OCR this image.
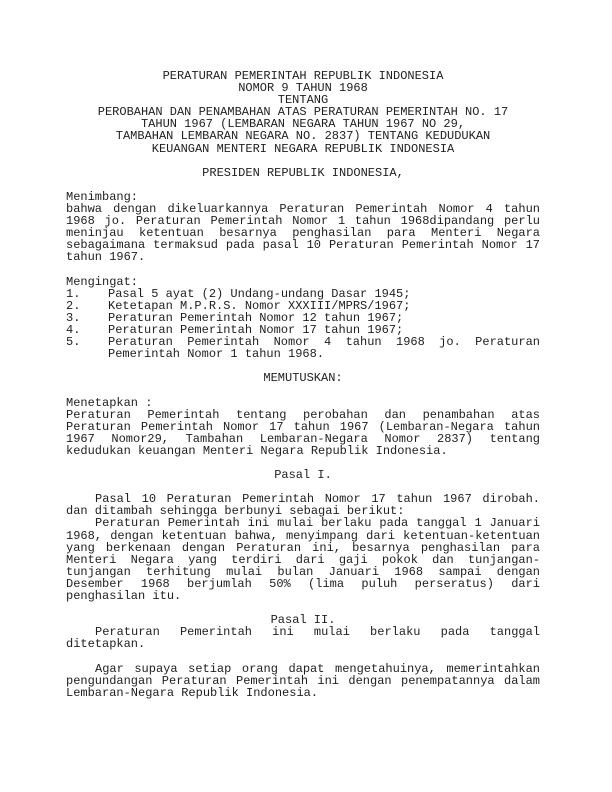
PERATURAN PEMERINTAH REPUBLIK INDONESIA
NOMOR 9 TAHUN 1968
TENTANG
PEROBAHAN DAN PENAMBAHAN ATAS PERATURAN PEMERINTAH NO. 17
TAHUN 1967 (LEMBARAN NEGARA TAHUN 1967 NO 29,
TAMBAHAN LEMBARAN NEGARA NO. 2837) TENTANG KEDUDUKAN
KEUANGAN MENTERI NEGARA REPUBLIK INDONESIA
PRESIDEN REPUBLIK INDONESIA,
Menimbang:
bahwa dengan dikeluarkannya Peraturan Pemerintah Nomor 4 tahun
1968 jo. Peraturan Pemerintah Nomor 1 tahun 1968dipandang perlu
meninjau ketentuan besarnya penghasilan para Menteri Negara
sebagaimana termaksud pada pasal 10 Peraturan Pemerintah Nomor 17
tahun 1967.
Mengingat:
1.	Pasal 5 ayat (2) Undang-undang Dasar 1945;
2.	Ketetapan M.P.R.S. Nomor XXXIII/MPRS/1967;
3.	Peraturan Pemerintah Nomor 12 tahun 1967;
4.	Peraturan Pemerintah Nomor 17 tahun 1967;
5.	Peraturan Pemerintah Nomor 4 tahun 1968 jo. Peraturan
Pemerintah Nomor 1 tahun 1968.
MEMUTUSKAN:
Menetapkan :
Peraturan Pemerintah tentang perobahan dan penambahan atas
Peraturan Pemerintah Nomor 17 tahun 1967 (Lembaran-Negara tahun
1967 Nomor29, Tambahan Lembaran-Negara Nomor 2837) tentang
kedudukan keuangan Menteri Negara Republik Indonesia.
Pasal I.
Pasal 10 Peraturan Pemerintah Nomor 17 tahun 1967 dirobah.
dan ditambah sehingga berbunyi sebagai berikut:
Peraturan Pemerintah ini mulai berlaku pada tanggal 1 Januari
1968, dengan ketentuan bahwa, menyimpang dari ketentuan-ketentuan
yang berkenaan dengan Peraturan ini, besarnya penghasilan para
Menteri Negara yang terdiri dari gaji pokok dan tunjangan-
tunjangan terhitung mulai bulan Januari 1968 sampai dengan
Desember 1968 berjumlah 50% (lima puluh perseratus) dari
penghasilan itu.
Pasal II.
Peraturan Pemerintah ini mulai berlaku pada tanggal
ditetapkan.
Agar supaya setiap orang dapat mengetahuinya, memerintahkan
pengundangan Peraturan Pemerintah ini dengan penempatannya dalam
Lembaran-Negara Republik Indonesia.
